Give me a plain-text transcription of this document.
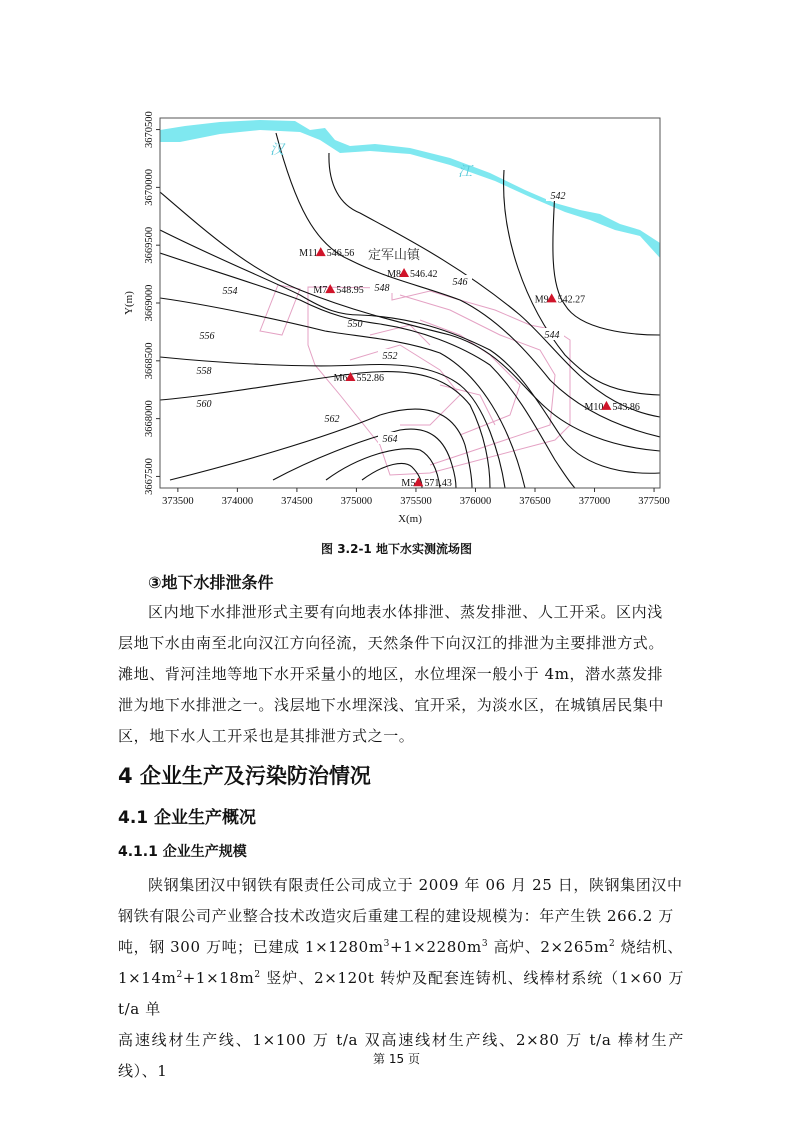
542
544
546
548
550
552
554
556
558
560
562
564
汉
江
定军山镇
M11 546.56
M8 546.42
M7 548.95
M9 542.27
M6 552.86
M10 543.86
M5 571.43
373500	374000	374500	375000	375500	376000	376500	377000	377500
3667500
3668000
3668500
3669000
3669500
3670000
3670500
X(m)
Y(m)
图 3.2-1 地下水实测流场图
③地下水排泄条件
区内地下水排泄形式主要有向地表水体排泄、蒸发排泄、人工开采。区内浅
层地下水由南至北向汉江方向径流，天然条件下向汉江的排泄为主要排泄方式。
滩地、背河洼地等地下水开采量小的地区，水位埋深一般小于 4m，潜水蒸发排
泄为地下水排泄之一。浅层地下水埋深浅、宜开采，为淡水区，在城镇居民集中
区，地下水人工开采也是其排泄方式之一。
4 企业生产及污染防治情况
4.1 企业生产概况
4.1.1 企业生产规模
陕钢集团汉中钢铁有限责任公司成立于 2009 年 06 月 25 日，陕钢集团汉中
钢铁有限公司产业整合技术改造灾后重建工程的建设规模为：年产生铁 266.2 万
吨，钢 300 万吨；已建成 $1\times 1280m^3+1\times 2280m^3$ 高炉、$2\times 265m^2$ 烧结机、
$1\times 14m^2+1\times 18m^2$ 竖炉、2×120t 转炉及配套连铸机、线棒材系统（1×60 万 t/a 单
高速线材生产线、1×100 万 t/a 双高速线材生产线、2×80 万 t/a 棒材生产线）、1
第 15 页
